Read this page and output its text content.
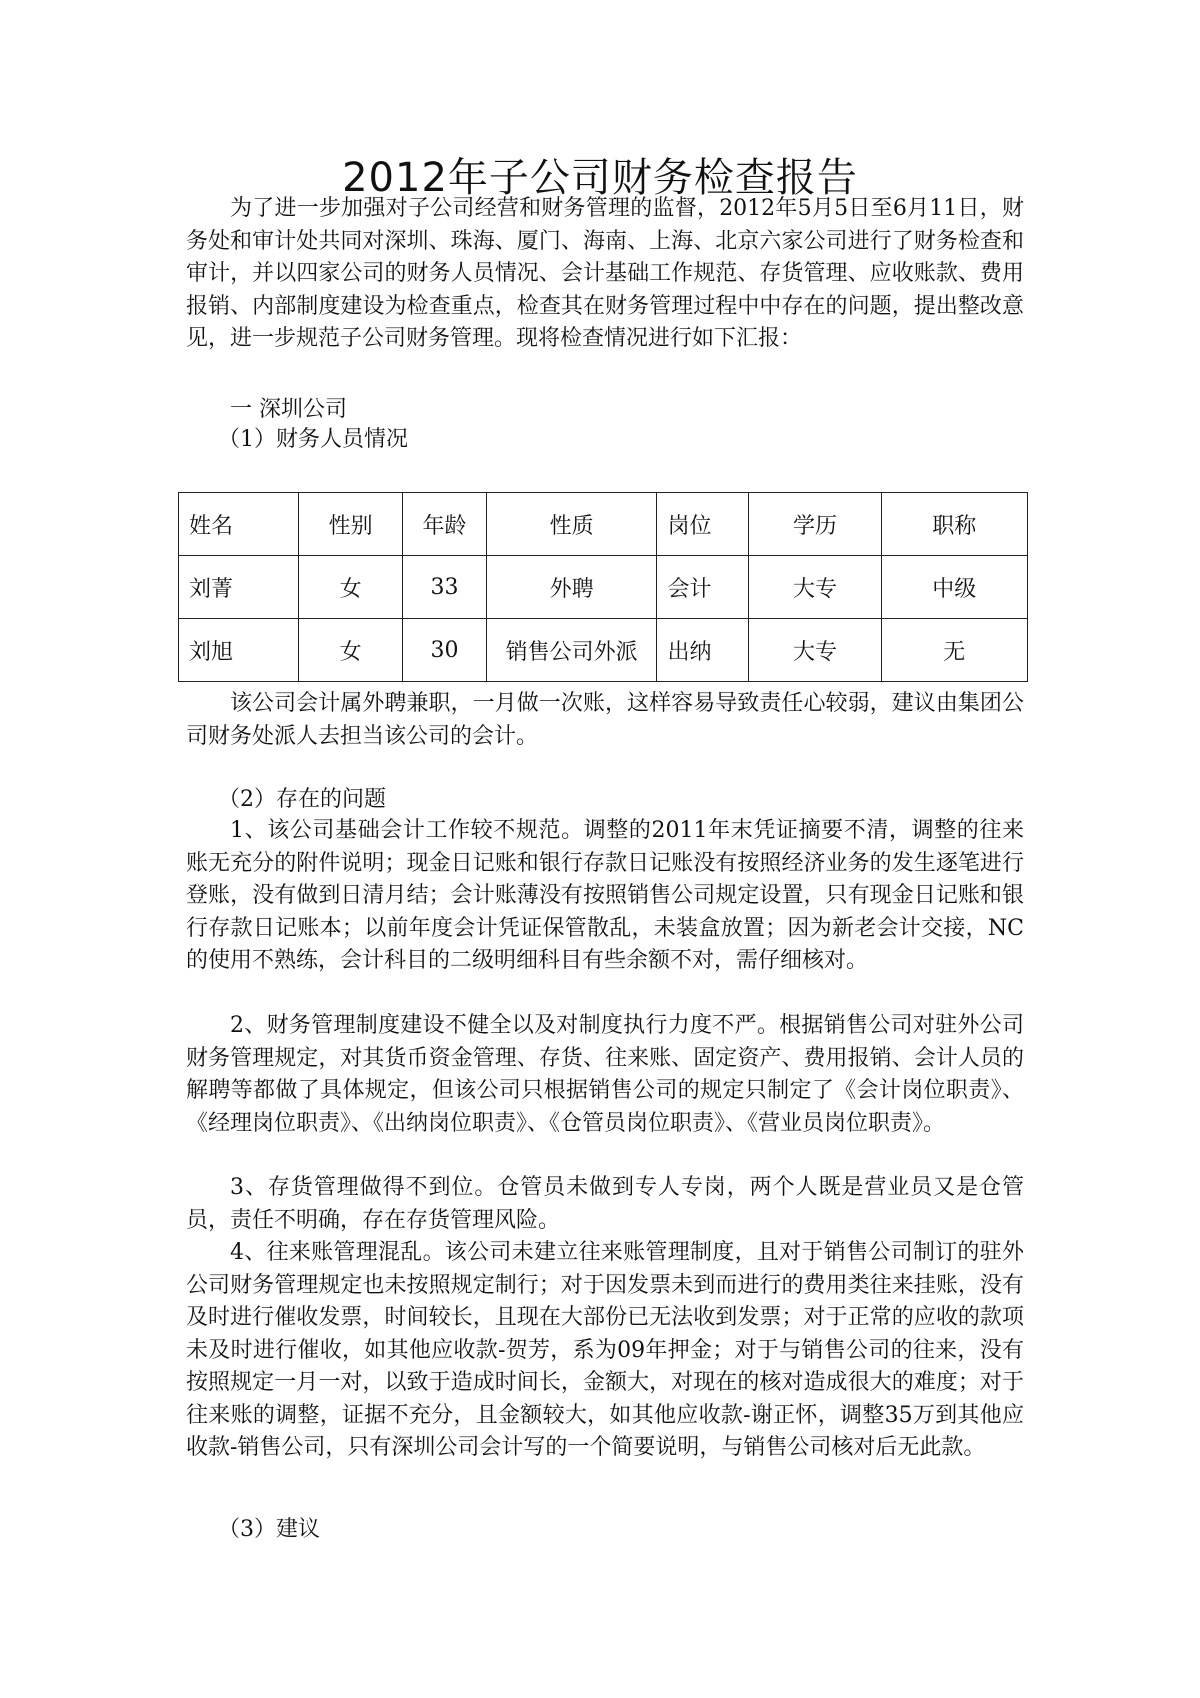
2012年子公司财务检查报告
为了进一步加强对子公司经营和财务管理的监督，2012年5月5日至6月11日，财务处和审计处共同对深圳、珠海、厦门、海南、上海、北京六家公司进行了财务检查和审计，并以四家公司的财务人员情况、会计基础工作规范、存货管理、应收账款、费用报销、内部制度建设为检查重点，检查其在财务管理过程中中存在的问题，提出整改意见，进一步规范子公司财务管理。现将检查情况进行如下汇报：
一 深圳公司
（1）财务人员情况
姓名	性别	年龄	性质	岗位	学历	职称
刘菁	女	33	外聘	会计	大专	中级
刘旭	女	30	销售公司外派	出纳	大专	无
该公司会计属外聘兼职，一月做一次账，这样容易导致责任心较弱，建议由集团公司财务处派人去担当该公司的会计。
（2）存在的问题
1、该公司基础会计工作较不规范。调整的2011年末凭证摘要不清，调整的往来账无充分的附件说明；现金日记账和银行存款日记账没有按照经济业务的发生逐笔进行登账，没有做到日清月结；会计账薄没有按照销售公司规定设置，只有现金日记账和银行存款日记账本；以前年度会计凭证保管散乱，未装盒放置；因为新老会计交接，NC的使用不熟练，会计科目的二级明细科目有些余额不对，需仔细核对。
2、财务管理制度建设不健全以及对制度执行力度不严。根据销售公司对驻外公司财务管理规定，对其货币资金管理、存货、往来账、固定资产、费用报销、会计人员的解聘等都做了具体规定，但该公司只根据销售公司的规定只制定了《会计岗位职责》、《经理岗位职责》、《出纳岗位职责》、《仓管员岗位职责》、《营业员岗位职责》。
3、存货管理做得不到位。仓管员未做到专人专岗，两个人既是营业员又是仓管员，责任不明确，存在存货管理风险。
4、往来账管理混乱。该公司未建立往来账管理制度，且对于销售公司制订的驻外公司财务管理规定也未按照规定制行；对于因发票未到而进行的费用类往来挂账，没有及时进行催收发票，时间较长，且现在大部份已无法收到发票；对于正常的应收的款项未及时进行催收，如其他应收款-贺芳，系为09年押金；对于与销售公司的往来，没有按照规定一月一对，以致于造成时间长，金额大，对现在的核对造成很大的难度；对于往来账的调整，证据不充分，且金额较大，如其他应收款-谢正怀，调整35万到其他应收款-销售公司，只有深圳公司会计写的一个简要说明，与销售公司核对后无此款。
（3）建议
